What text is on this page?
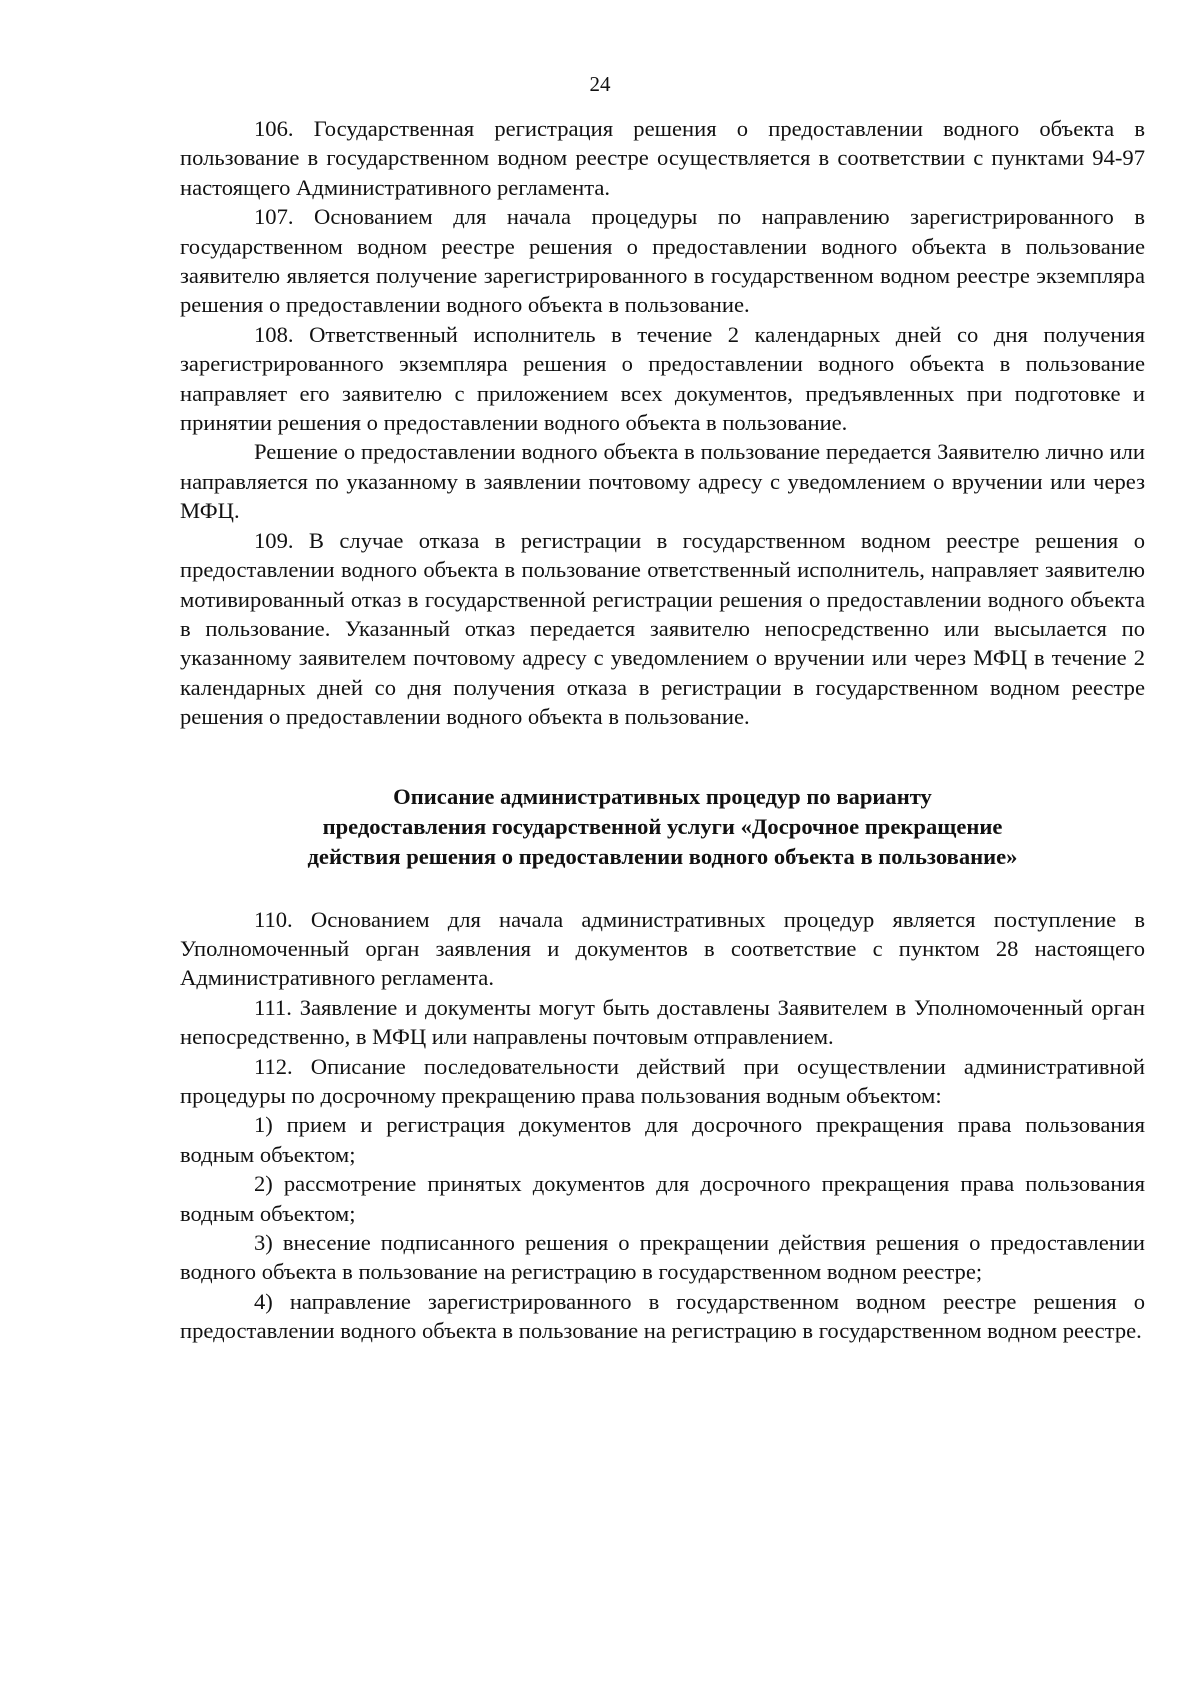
24

106. Государственная регистрация решения о предоставлении водного объекта в пользование в государственном водном реестре осуществляется в соответствии с пунктами 94-97 настоящего Административного регламента.

107. Основанием для начала процедуры по направлению зарегистрированного в государственном водном реестре решения о предоставлении водного объекта в пользование заявителю является получение зарегистрированного в государственном водном реестре экземпляра решения о предоставлении водного объекта в пользование.

108. Ответственный исполнитель в течение 2 календарных дней со дня получения зарегистрированного экземпляра решения о предоставлении водного объекта в пользование направляет его заявителю с приложением всех документов, предъявленных при подготовке и принятии решения о предоставлении водного объекта в пользование.

Решение о предоставлении водного объекта в пользование передается Заявителю лично или направляется по указанному в заявлении почтовому адресу с уведомлением о вручении или через МФЦ.

109. В случае отказа в регистрации в государственном водном реестре решения о предоставлении водного объекта в пользование ответственный исполнитель, направляет заявителю мотивированный отказ в государственной регистрации решения о предоставлении водного объекта в пользование. Указанный отказ передается заявителю непосредственно или высылается по указанному заявителем почтовому адресу с уведомлением о вручении или через МФЦ в течение 2 календарных дней со дня получения отказа в регистрации в государственном водном реестре решения о предоставлении водного объекта в пользование.

Описание административных процедур по варианту
предоставления государственной услуги «Досрочное прекращение
действия решения о предоставлении водного объекта в пользование»

110. Основанием для начала административных процедур является поступление в Уполномоченный орган заявления и документов в соответствие с пунктом 28 настоящего Административного регламента.

111. Заявление и документы могут быть доставлены Заявителем в Уполномоченный орган непосредственно, в МФЦ или направлены почтовым отправлением.

112. Описание последовательности действий при осуществлении административной процедуры по досрочному прекращению права пользования водным объектом:

1) прием и регистрация документов для досрочного прекращения права пользования водным объектом;

2) рассмотрение принятых документов для досрочного прекращения права пользования водным объектом;

3) внесение подписанного решения о прекращении действия решения о предоставлении водного объекта в пользование на регистрацию в государственном водном реестре;

4) направление зарегистрированного в государственном водном реестре решения о предоставлении водного объекта в пользование на регистрацию в государственном водном реестре.
